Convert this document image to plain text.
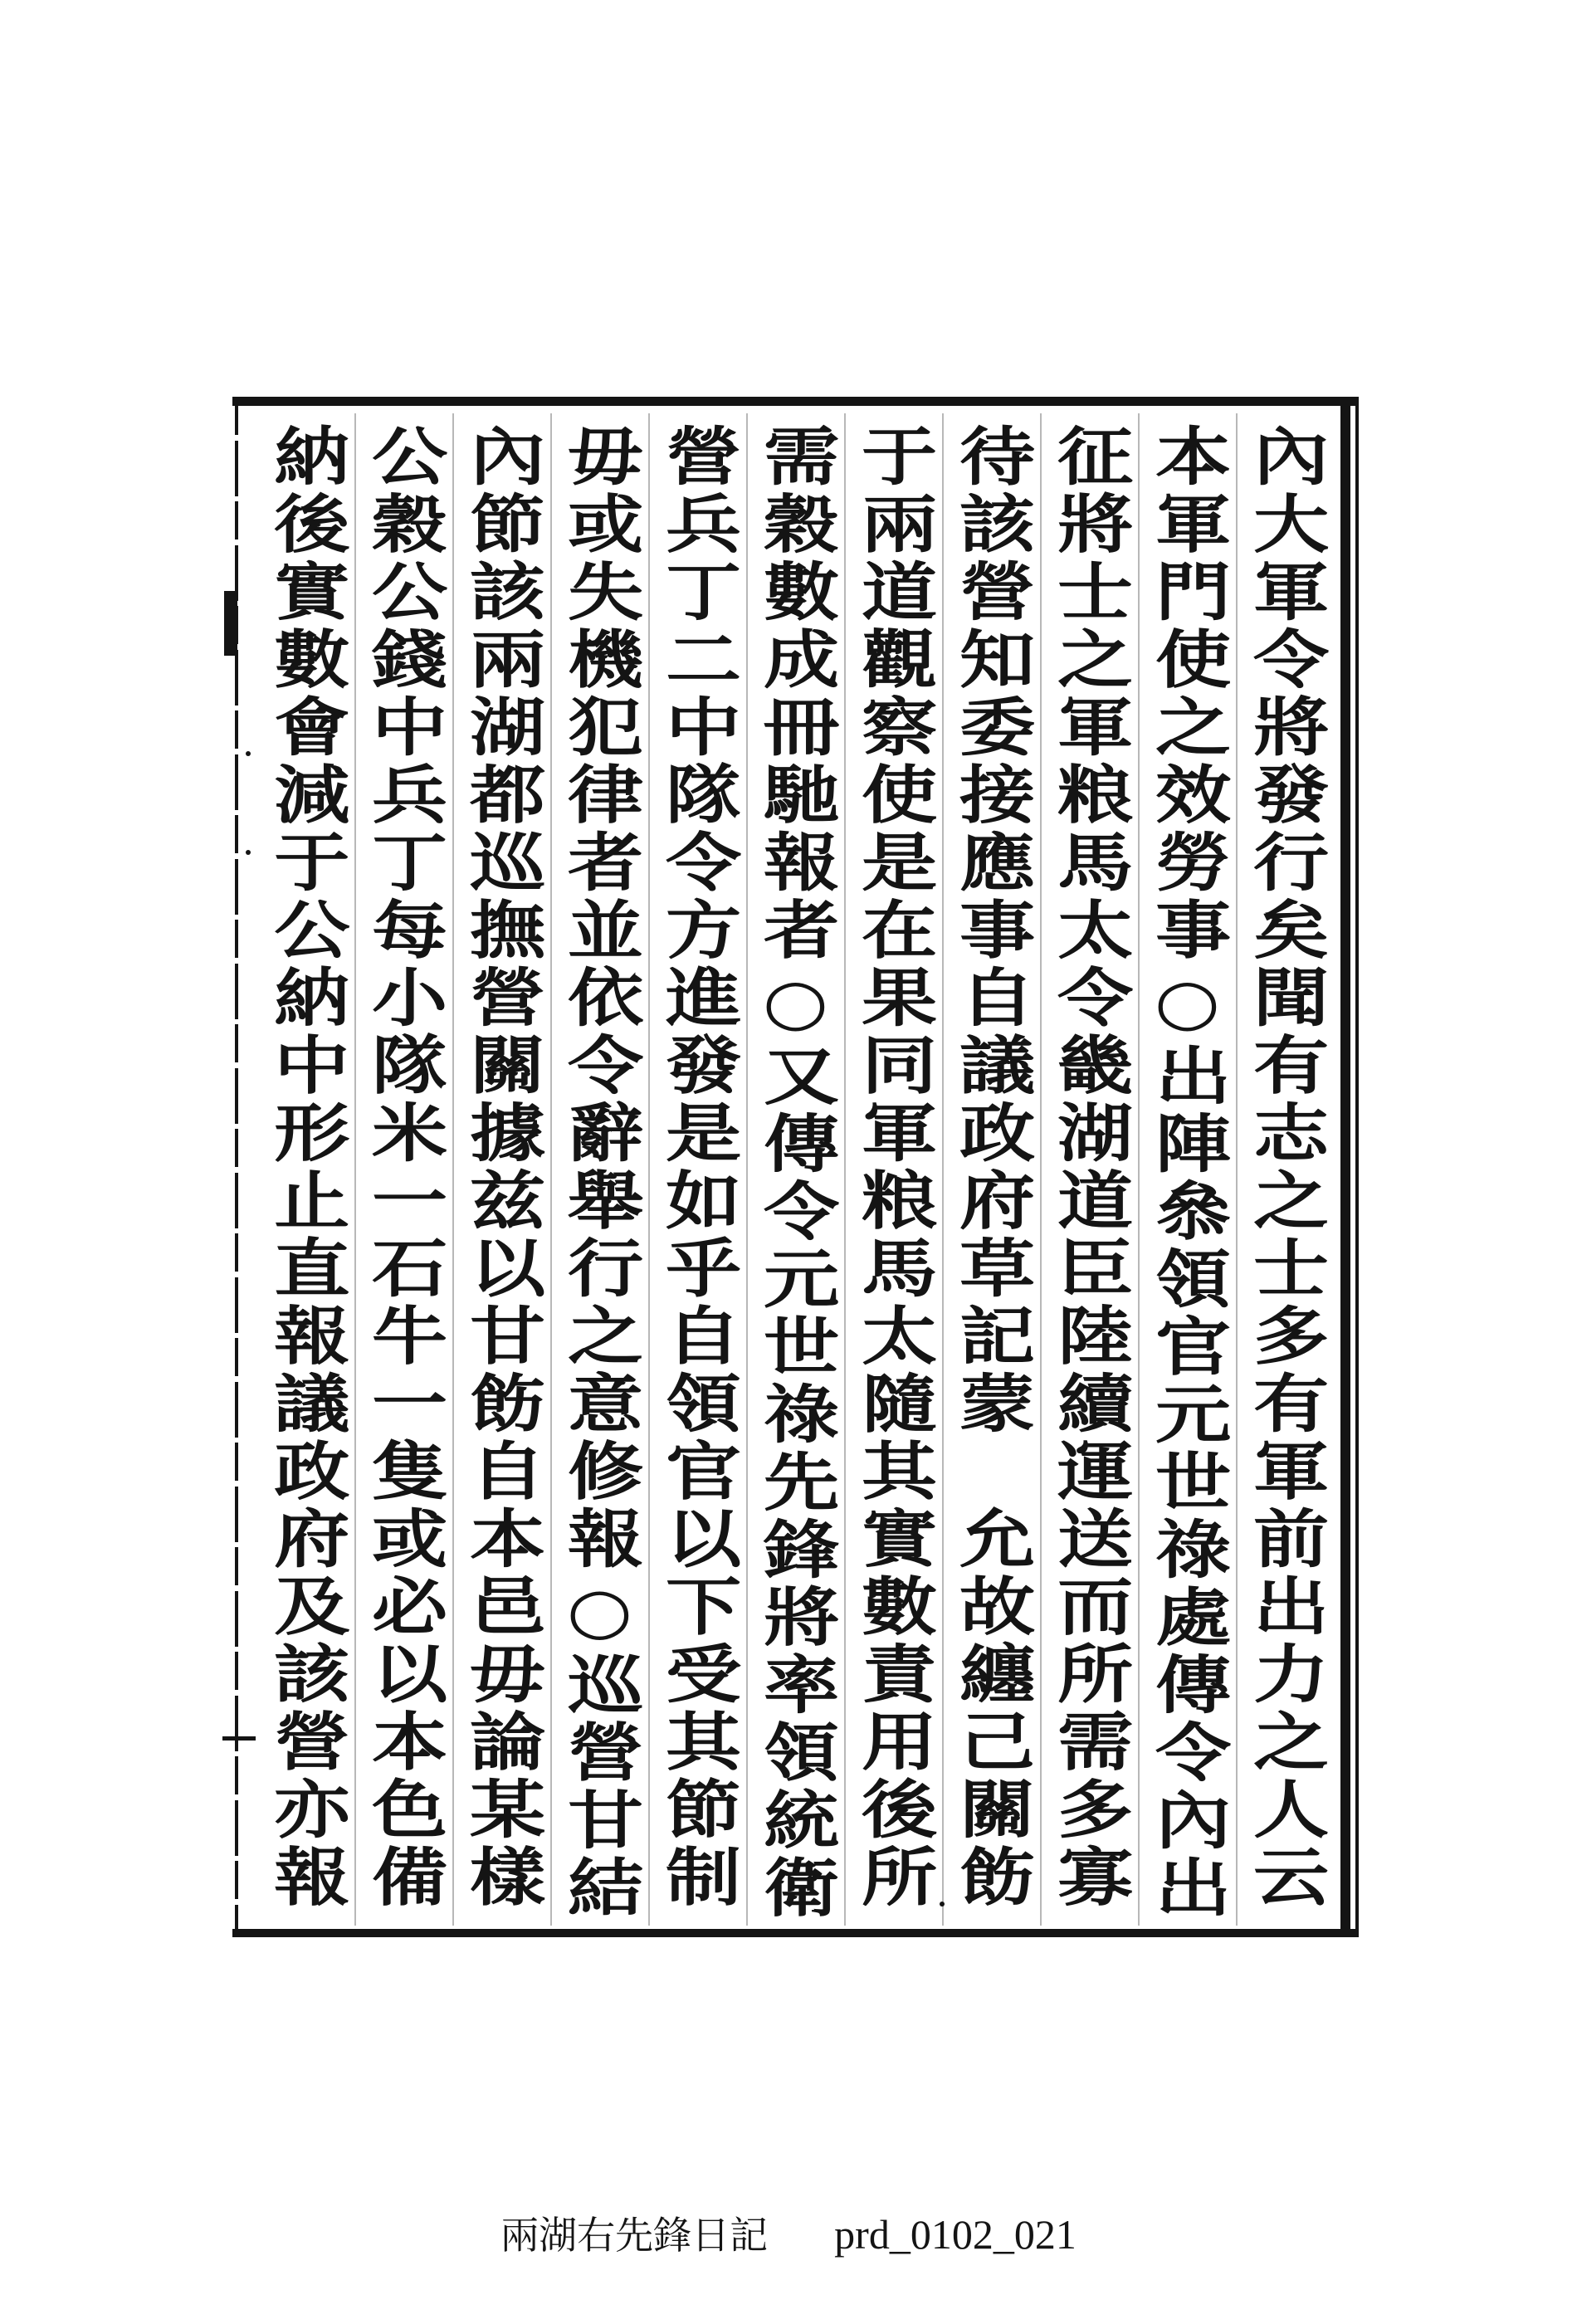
內大軍令將發行矣聞有志之士多有軍前出力之人云
本軍門使之效勞事○出陣叅領官元世祿處傳令內出
征將士之軍粮馬太令畿湖道臣陸續運送而所需多寡
待該營知委接應事自議政府草記蒙　允故纏己關飭
于兩道觀察使是在果同軍粮馬太隨其實數責用後所
需穀數成冊馳報者○又傳令元世祿先鋒將率領統衛
營兵丁二中隊令方進發是如乎自領官以下受其節制
毋或失機犯律者並依令辭舉行之意修報○巡營甘結
內節該兩湖都巡撫營關據兹以甘飭自本邑毋論某樣
公穀公錢中兵丁每小隊米一石牛一隻或必以本色備
納後實數會減于公納中形止直報議政府及該營亦報
兩湖右先鋒日記 prd_0102_021
